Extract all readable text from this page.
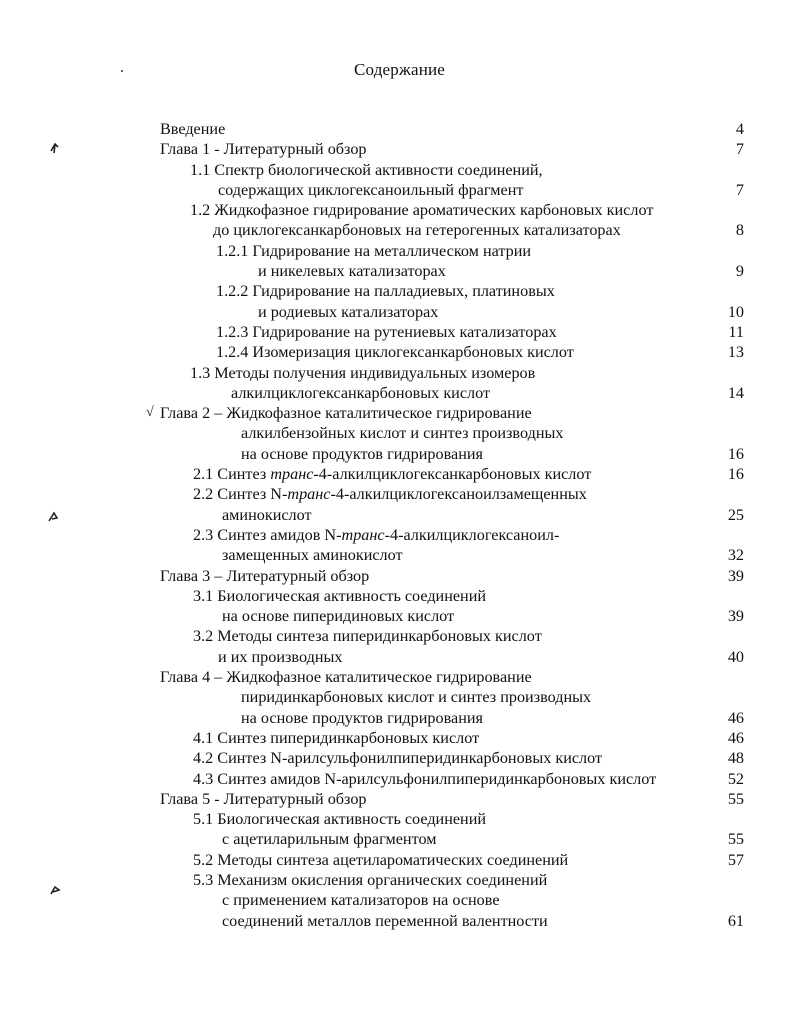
Содержание
Введение	4
Глава 1 - Литературный обзор	7
1.1 Спектр биологической активности соединений,
содержащих циклогексаноильный фрагмент	7
1.2 Жидкофазное гидрирование ароматических карбоновых кислот
до циклогексанкарбоновых на гетерогенных катализаторах	8
1.2.1 Гидрирование на металлическом натрии
и никелевых катализаторах	9
1.2.2 Гидрирование на палладиевых, платиновых
и родиевых катализаторах	10
1.2.3 Гидрирование на рутениевых катализаторах	11
1.2.4 Изомеризация циклогексанкарбоновых кислот	13
1.3 Методы получения индивидуальных изомеров
алкилциклогексанкарбоновых кислот	14
√ Глава 2 – Жидкофазное каталитическое гидрирование
алкилбензойных кислот и синтез производных
на основе продуктов гидрирования	16
2.1 Синтез транс-4-алкилциклогексанкарбоновых кислот	16
2.2 Синтез N-транс-4-алкилциклогексаноилзамещенных
аминокислот	25
2.3 Синтез амидов N-транс-4-алкилциклогексаноил-
замещенных аминокислот	32
Глава 3 – Литературный обзор	39
3.1 Биологическая активность соединений
на основе пиперидиновых кислот	39
3.2 Методы синтеза пиперидинкарбоновых кислот
и их производных	40
Глава 4 – Жидкофазное каталитическое гидрирование
пиридинкарбоновых кислот и синтез производных
на основе продуктов гидрирования	46
4.1 Синтез пиперидинкарбоновых кислот	46
4.2 Синтез N-арилсульфонилпиперидинкарбоновых кислот	48
4.3 Синтез амидов N-арилсульфонилпиперидинкарбоновых кислот	52
Глава 5 - Литературный обзор	55
5.1 Биологическая активность соединений
с ацетиларильным фрагментом	55
5.2 Методы синтеза ацетилароматических соединений	57
5.3 Механизм окисления органических соединений
с применением катализаторов на основе
соединений металлов переменной валентности	61
